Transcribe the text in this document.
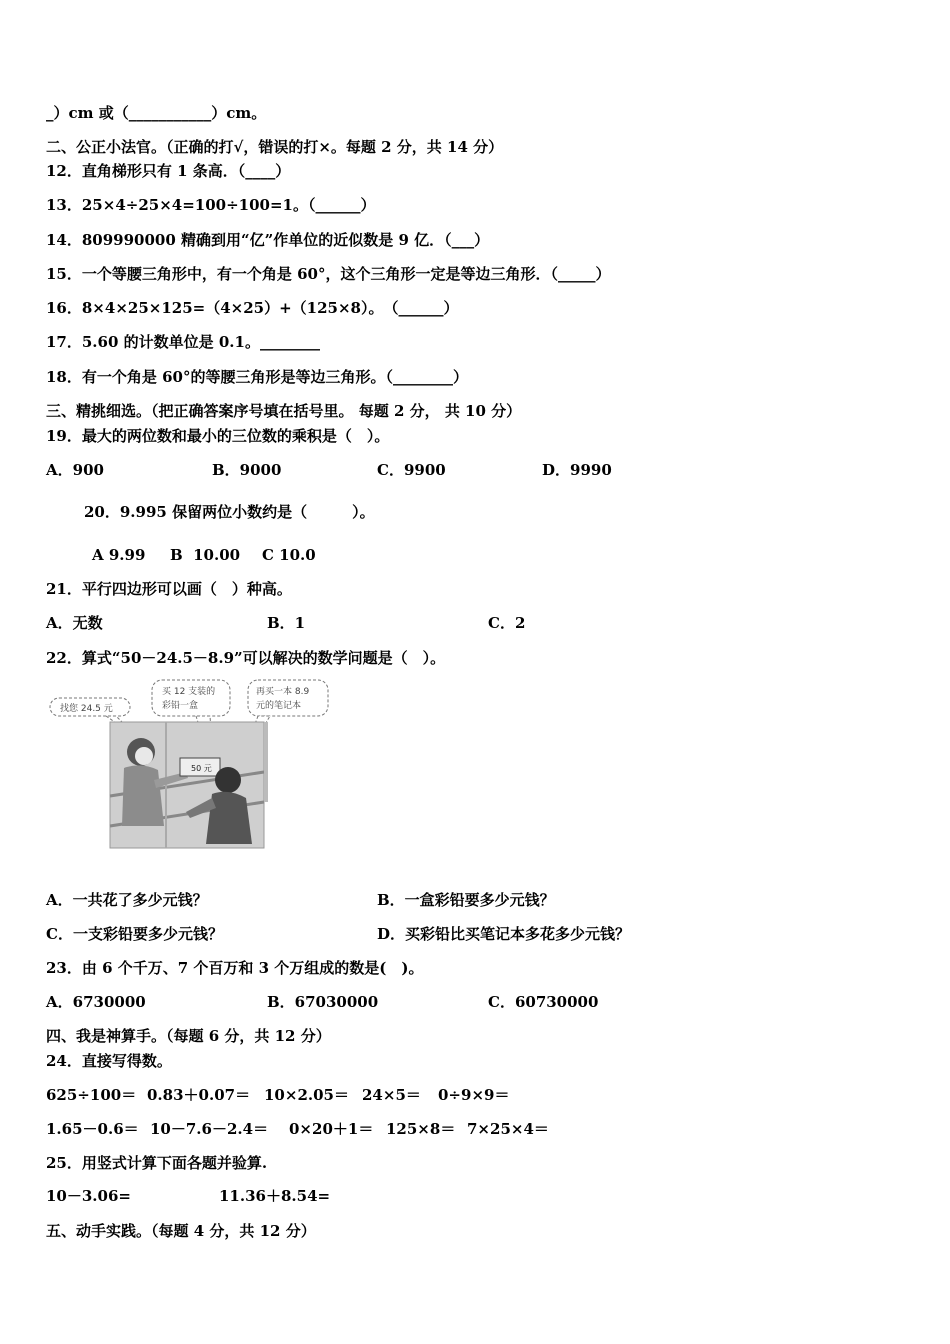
_）cm 或（___________）cm。

二、公正小法官。（正确的打√，错误的打×。每题 2 分，共 14 分）

12．直角梯形只有 1 条高．（____）

13．25×4÷25×4=100÷100=1。（______）

14．809990000 精确到用“亿”作单位的近似数是 9 亿．（___）

15．一个等腰三角形中，有一个角是 60°，这个三角形一定是等边三角形．（_____）

16．8×4×25×125=（4×25）+（125×8）。　（______）

17．5.60 的计数单位是 0.1。________

18．有一个角是 60°的等腰三角形是等边三角形。（________）

三、精挑细选。（把正确答案序号填在括号里。 每题 2 分， 共 10 分）

19．最大的两位数和最小的三位数的乘积是（　）。

A．900	B．9000	C．9900	D．9990

20．9.995 保留两位小数约是（　　　）。

A 9.99 B  10.00 C 10.0

21．平行四边形可以画（　）种高。

A．无数	B．1	C．2

22．算式“50－24.5－8.9”可以解决的数学问题是（　）。

找您 24.5 元
买 12 支装的
彩铅一盒
再买一本 8.9
元的笔记本
50 元
A．一共花了多少元钱？	B．一盒彩铅要多少元钱？
C．一支彩铅要多少元钱？	D．买彩铅比买笔记本多花多少元钱？

23．由 6 个千万、7 个百万和 3 个万组成的数是(　)。

A．6730000	B．67030000	C．60730000

四、我是神算手。（每题 6 分，共 12 分）

24．直接写得数。

625÷100＝ 0.83＋0.07＝ 10×2.05＝ 24×5＝ 0÷9×9＝
1.65－0.6＝ 10－7.6－2.4＝ 0×20＋1＝ 125×8＝ 7×25×4＝

25．用竖式计算下面各题并验算.

10－3.06=	11.36＋8.54=

五、动手实践。（每题 4 分，共 12 分）
